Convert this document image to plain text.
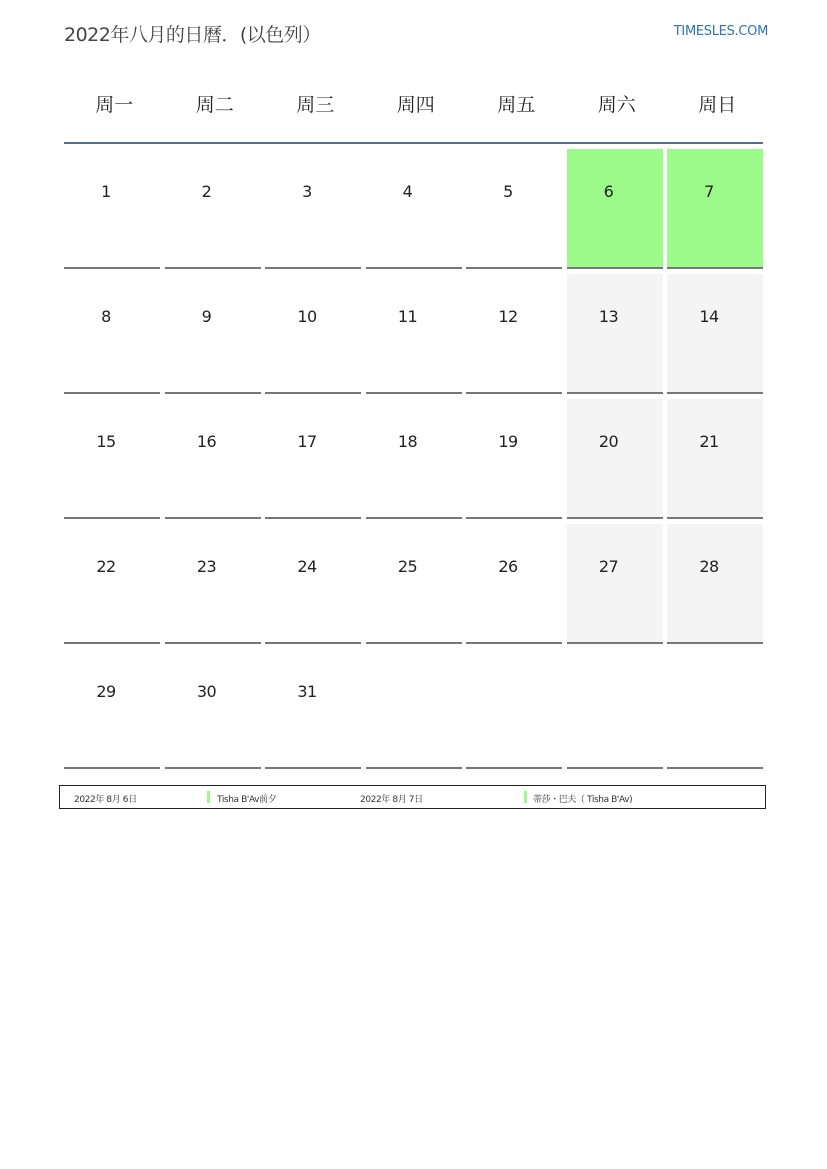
2022年八月的日曆．(以色列）	TIMESLES.COM
周一	周二	周三	周四	周五	周六	周日
1	2	3	4	5	6	7
8	9	10	11	12	13	14
15	16	17	18	19	20	21
22	23	24	25	26	27	28
29	30	31
2022年 8月 6日	Tisha B'Av前夕	2022年 8月 7日	蒂莎・巴夫（ Tisha B'Av)
